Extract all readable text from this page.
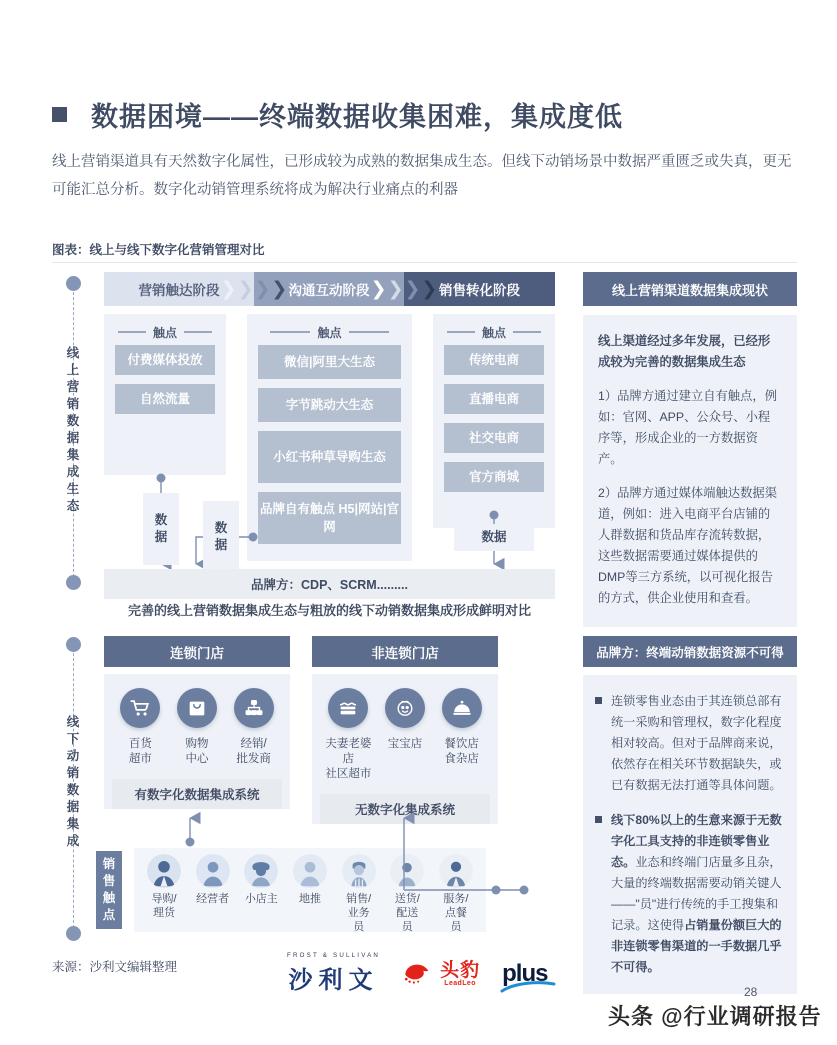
数据困境——终端数据收集困难，集成度低
线上营销渠道具有天然数字化属性，已形成较为成熟的数据集成生态。但线下动销场景中数据严重匮乏或失真，更无可能汇总分析。数字化动销管理系统将成为解决行业痛点的利器
图表：线上与线下数字化营销管理对比
线
上
营
销
数
据
集
成
生
态
营销触达阶段	沟通互动阶段	销售转化阶段
❯ ❯ ❯ ❯	❯ ❯ ❯ ❯
触点
付费媒体投放
自然流量
触点
微信|阿里大生态
字节跳动大生态
小红书种草导购生态
品牌自有触点 H5|网站|官网
触点
传统电商
直播电商
社交电商
官方商城
数
据
数
据
数据
品牌方：CDP、SCRM.........
线上营销渠道数据集成现状

线上渠道经过多年发展，已经形成较为完善的数据集成生态

1）品牌方通过建立自有触点，例如：官网、APP、公众号、小程序等，形成企业的一方数据资产。

2）品牌方通过媒体端触达数据渠道，例如：进入电商平台店铺的人群数据和货品库存流转数据，这些数据需要通过媒体提供的DMP等三方系统，以可视化报告的方式，供企业使用和查看。

完善的线上营销数据集成生态与粗放的线下动销数据集成形成鲜明对比
线
下
动
销
数
据
集
成
连锁门店
百货
超市
购物
中心
经销/
批发商
有数字化数据集成系统
非连锁门店
夫妻老婆店
社区超市
宝宝店 餐饮店
食杂店
无数字化集成系统
销
售
触
点
导购/
理货
经营者 小店主 地推 销售/
业务
员
送货/
配送
员
服务/
点餐
员
品牌方：终端动销数据资源不可得
连锁零售业态由于其连锁总部有统一采购和管理权，数字化程度相对较高。但对于品牌商来说，依然存在相关环节数据缺失，或已有数据无法打通等具体问题。
线下80%以上的生意来源于无数字化工具支持的非连锁零售业态。业态和终端门店量多且杂，大量的终端数据需要动销关键人——"员"进行传统的手工搜集和记录。这使得占销量份额巨大的非连锁零售渠道的一手数据几乎不可得。
来源：沙利文编辑整理
FROST & SULLIVAN
沙利文	头豹
LeadLeo plus
28
头条 @行业调研报告
